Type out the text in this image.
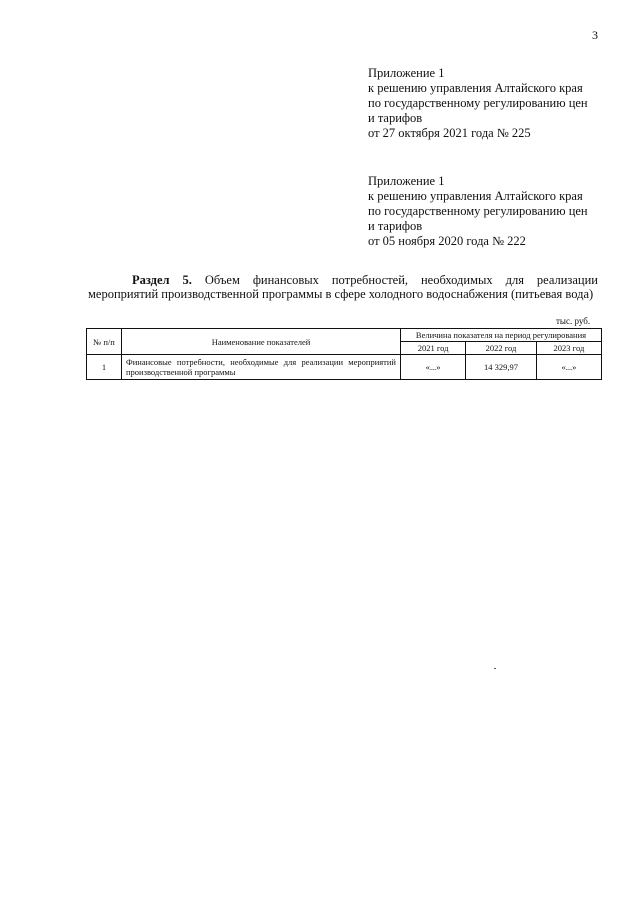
3
Приложение 1
к решению управления Алтайского края
по государственному регулированию цен
и тарифов
от 27 октября 2021 года № 225
Приложение 1
к решению управления Алтайского края
по государственному регулированию цен
и тарифов
от 05 ноября 2020 года № 222
Раздел 5. Объем финансовых потребностей, необходимых для реализации мероприятий производственной программы в сфере холодного водоснабжения (питьевая вода)
тыс. руб.
№ п/п	Наименование показателей	Величина показателя на период регулирования		
		2021 год	2022 год	2023 год
1	Финансовые потребности, необходимые для реализации мероприятий производственной программы	«...»	14 329,97	«...»
